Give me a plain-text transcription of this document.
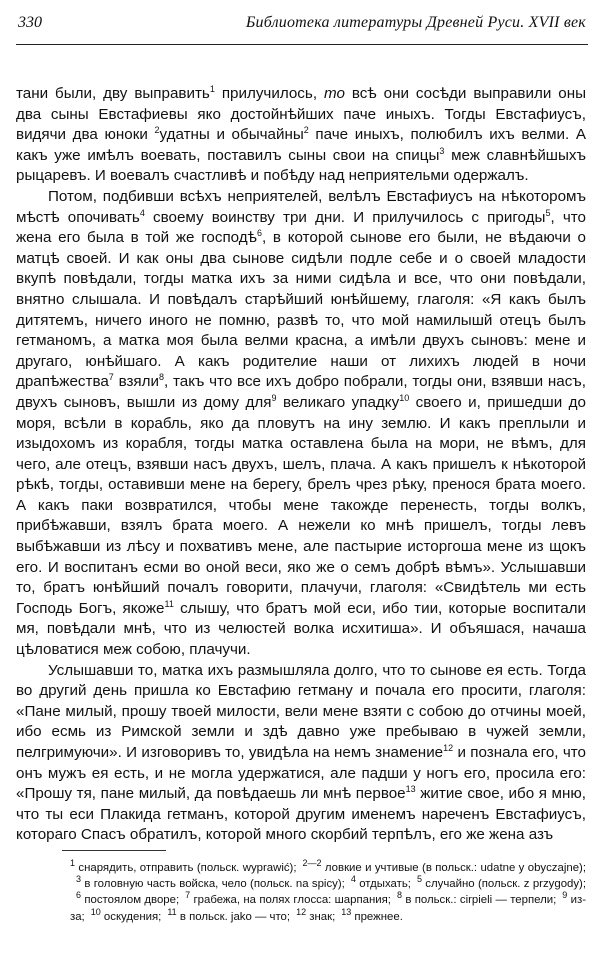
330	Библиотека литературы Древней Руси. XVII век

тани были, дву выправить$^1$ прилучилось, то всѣ они сосѣди выправили оны два сыны Евстафиевы яко достойнѣйших паче иныхъ. Тогды Евстафиусъ, видячи два юноки $^2$удатны и обычайны$^2$ паче иныхъ, полюбилъ ихъ велми. А какъ уже имѣлъ воевать, поставилъ сыны свои на спицы$^3$ меж славнѣйшыхъ рыцаревъ. И воевалъ счастливѣ и побѣду над неприятельми одержалъ.

Потом, подбивши всѣхъ неприятелей, велѣлъ Евстафиусъ на нѣкоторомъ мѣстѣ опочивать$^4$ своему воинству три дни. И прилучилось с пригоды$^5$, что жена его была в той же господѣ$^6$, в которой сынове его были, не вѣдаючи о матцѣ своей. И как оны два сынове сидѣли подле себе и о своей младости вкупѣ повѣдали, тогды матка ихъ за ними сидѣла и все, что они повѣдали, внятно слышала. И повѣдалъ старѣйший юнѣйшему, глаголя: «Я какъ былъ дитятемъ, ничего иного не помню, развѣ то, что мой намилышй отецъ былъ гетманомъ, а матка моя была велми красна, а имѣли двухъ сыновъ: мене и другаго, юнѣйшаго. А какъ родителие наши от лихихъ людей в ночи драпѣжества$^7$ взяли$^8$, такъ что все ихъ добро побрали, тогды они, взявши насъ, двухъ сыновъ, вышли из дому для$^9$ великаго упадку$^{10}$ своего и, пришедши до моря, всѣли в корабль, яко да пловутъ на ину землю. И какъ преплыли и изыдохомъ из корабля, тогды матка оставлена была на мори, не вѣмъ, для чего, але отецъ, взявши насъ двухъ, шелъ, плача. А какъ пришелъ к нѣкоторой рѣкѣ, тогды, оставивши мене на берегу, брелъ чрез рѣку, пренося брата моего. А какъ паки возвратился, чтобы мене такожде перенесть, тогды волкъ, прибѣжавши, взялъ брата моего. А нежели ко мнѣ пришелъ, тогды левъ выбѣжавши из лѣсу и похвативъ мене, але пастырие исторгоша мене из щокъ его. И воспитанъ есми во оной веси, яко же о семъ добрѣ вѣмъ». Услышавши то, братъ юнѣйший почалъ говорити, плачучи, глаголя: «Свидѣтель ми есть Господь Богъ, якоже$^{11}$ слышу, что братъ мой еси, ибо тии, которые воспитали мя, повѣдали мнѣ, что из челюстей волка исхитиша». И объяшася, начаша цѣловатися меж собою, плачучи.

Услышавши то, матка ихъ размышляла долго, что то сынове ея есть. Тогда во другий день пришла ко Евстафию гетману и почала его просити, глаголя: «Пане милый, прошу твоей милости, вели мене взяти с собою до отчины моей, ибо есмь из Римской земли и здѣ давно уже пребываю в чужей земли, пелгримуючи». И изговоривъ то, увидѣла на немъ знамение$^{12}$ и познала его, что онъ мужъ ея есть, и не могла удержатися, але падши у ногъ его, просила его: «Прошу тя, пане милый, да повѣдаешь ли мнѣ первое$^{13}$ житие свое, ибо я мню, что ты еси Плакида гетманъ, которой другим именемъ нареченъ Евстафиусъ, котораго Спасъ обратилъ, которой много скорбий терпѣлъ, его же жена азъ

$^1$ снарядить, отправить (польск. wyprawić); $^{2—2}$ ловкие и учтивые (в польск.: udatne y obyczajne);$^3$ в головную часть войска, чело (польск. na spicy); $^4$ отдыхать; $^5$ случайно (польск. z przygody);$^6$ постоялом дворе; $^7$ грабежа, на полях глосса: шарпания; $^8$ в польск.: cirpieli — терпели; $^9$ из-за; $^{10}$ оскудения; $^{11}$ в польск. jako — что; $^{12}$ знак; $^{13}$ прежнее.
